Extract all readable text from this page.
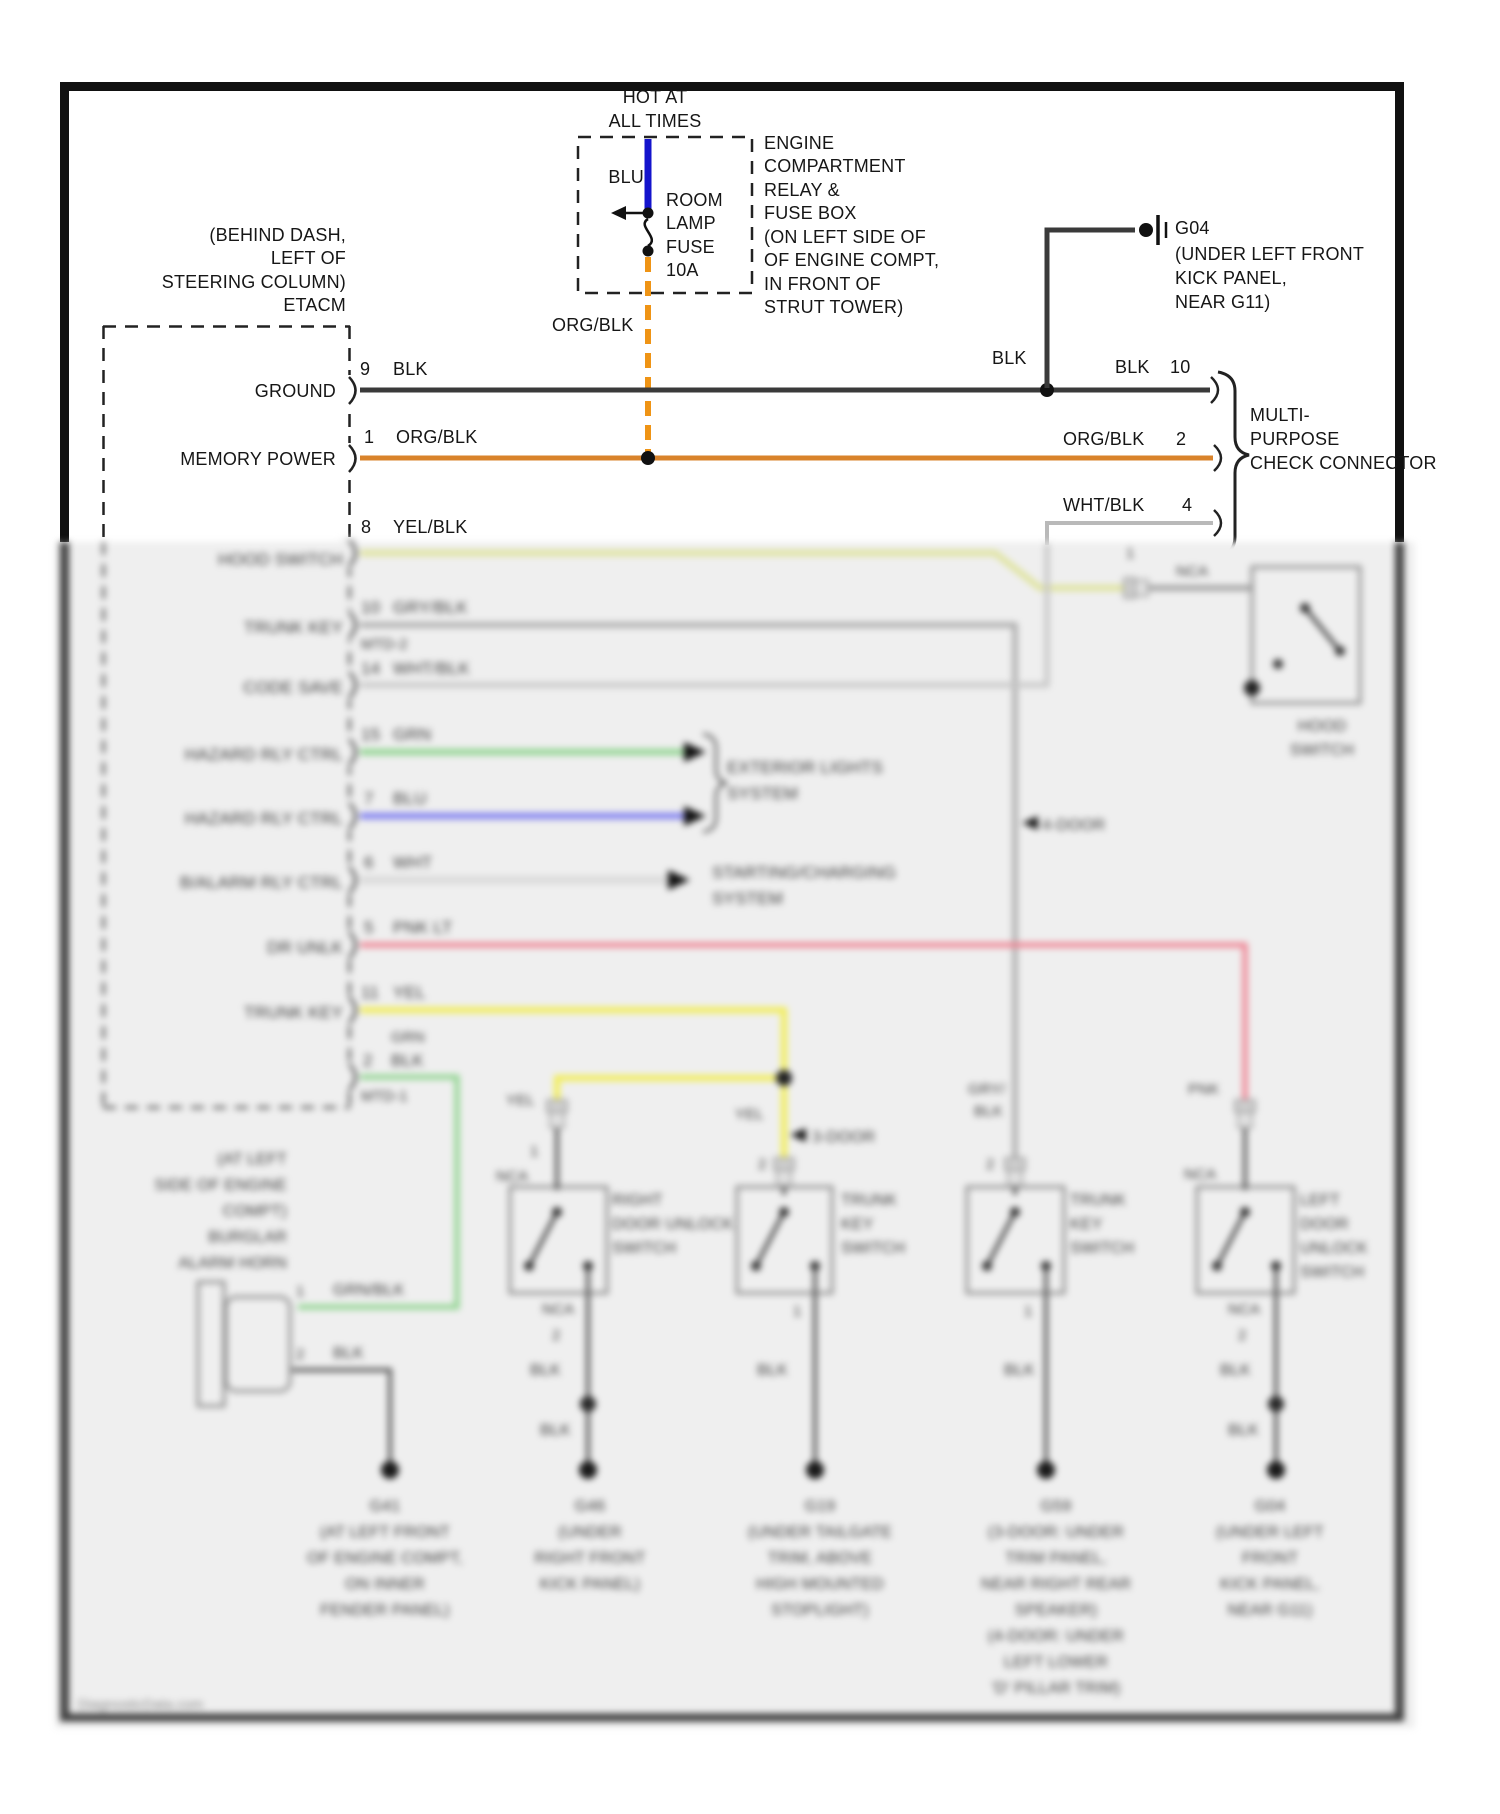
HOT AT
ALL TIMES
BLU
ROOM
LAMP
FUSE
10A
ENGINE
COMPARTMENT
RELAY &
FUSE BOX
(ON LEFT SIDE OF
OF ENGINE COMPT,
IN FRONT OF
STRUT TOWER)
ORG/BLK
(BEHIND DASH,
LEFT OF
STEERING COLUMN)
ETACM
GROUND
9 BLK
MEMORY POWER
1 ORG/BLK
8 YEL/BLK
BLK
G04
(UNDER LEFT FRONT
KICK PANEL,
NEAR G11)
BLK 10
ORG/BLK 2
WHT/BLK 4
MULTI-
PURPOSE
CHECK CONNECTOR
HOOD SWITCH
TRUNK KEY
CODE SAVE
HAZARD RLY CTRL
HAZARD RLY CTRL
B/ALARM RLY CTRL
DR UNLK
TRUNK KEY
10 GRY/BLK
MTD-2
14 WHT/BLK
15 GRN
7 BLU
6 WHT
5 PNK LT
11 YEL
GRN
2 BLK
MTD-1
1
NCA
HOOD
SWITCH
EXTERIOR LIGHTS
SYSTEM
STARTING/CHARGING
SYSTEM
4-DOOR
3-DOOR
YEL
YEL
PNK
GRY/
BLK
1
NCA
RIGHT
DOOR UNLOCK
SWITCH
NCA
2
BLK
BLK
G46
(UNDER
RIGHT FRONT
KICK PANEL)
2
TRUNK
KEY
SWITCH
1
BLK
G19
(UNDER TAILGATE
TRIM, ABOVE
HIGH MOUNTED
STOPLIGHT)
2
TRUNK
KEY
SWITCH
1
BLK
G59
(3-DOOR: UNDER
TRIM PANEL,
NEAR RIGHT REAR
SPEAKER)
(4-DOOR: UNDER
LEFT LOWER
'D' PILLAR TRIM)
NCA
LEFT
DOOR
UNLOCK
SWITCH
NCA
2
BLK
BLK
G04
(UNDER LEFT
FRONT
KICK PANEL,
NEAR G11)
(AT LEFT
SIDE OF ENGINE
COMPT)
BURGLAR
ALARM HORN
1 GRN/BLK
2 BLK
G41
(AT LEFT FRONT
OF ENGINE COMPT,
ON INNER
FENDER PANEL)
DiagnosticData.com
